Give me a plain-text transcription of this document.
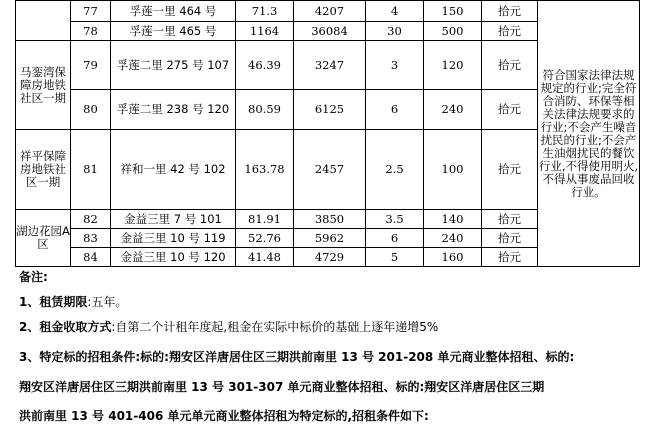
	77	孚莲一里 464 号	71.3	4207	4	150	拾元	符合国家法律法规规定的行业;完全符合消防、环保等相关法律法规要求的行业;不会产生噪音扰民的行业;不会产生油烟扰民的餐饮行业,不得使用明火,不得从事废品回收行业。
	78	孚莲一里 465 号	1164	36084	30	500	拾元	
马銮湾保障房地铁社区一期	79	孚莲二里 275 号 107	46.39	3247	3	120	拾元	
	80	孚莲二里 238 号 120	80.59	6125	6	240	拾元	
祥平保障房地铁社区一期	81	祥和一里 42 号 102	163.78	2457	2.5	100	拾元	
湖边花园A区	82	金益三里 7 号 101	81.91	3850	3.5	140	拾元	
	83	金益三里 10 号 119	52.76	5962	6	240	拾元	
	84	金益三里 10 号 120	41.48	4729	5	160	拾元	

备注:

1、租赁期限:五年。

2、租金收取方式:自第二个计租年度起,租金在实际中标价的基础上逐年递增5%

3、特定标的招租条件:标的:翔安区洋唐居住区三期洪前南里 13 号 201-208 单元商业整体招租、标的:

翔安区洋唐居住区三期洪前南里 13 号 301-307 单元商业整体招租、标的:翔安区洋唐居住区三期

洪前南里 13 号 401-406 单元单元商业整体招租为特定标的,招租条件如下:
